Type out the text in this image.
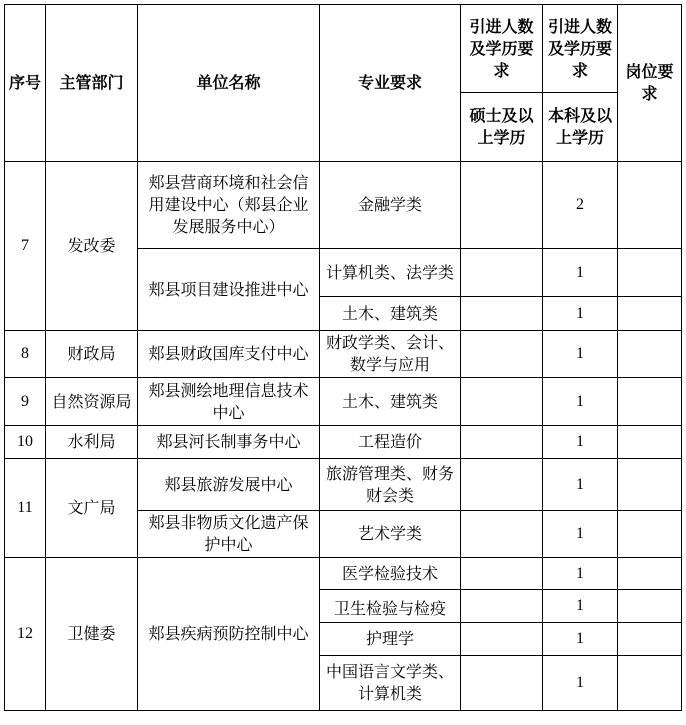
序号	主管部门	单位名称	专业要求	引进人数及学历要求	引进人数及学历要求	岗位要求
				硕士及以上学历	本科及以上学历	
7	发改委	郏县营商环境和社会信用建设中心（郏县企业发展服务中心）	金融学类		2	
		郏县项目建设推进中心	计算机类、法学类		1	
			土木、建筑类		1	
8	财政局	郏县财政国库支付中心	财政学类、会计、数学与应用		1	
9	自然资源局	郏县测绘地理信息技术中心	土木、建筑类		1	
10	水利局	郏县河长制事务中心	工程造价		1	
11	文广局	郏县旅游发展中心	旅游管理类、财务财会类		1	
		郏县非物质文化遗产保护中心	艺术学类		1	
12	卫健委	郏县疾病预防控制中心	医学检验技术		1	

			卫生检验与检疫		1	
			护理学		1	
			中国语言文学类、计算机类		1	
